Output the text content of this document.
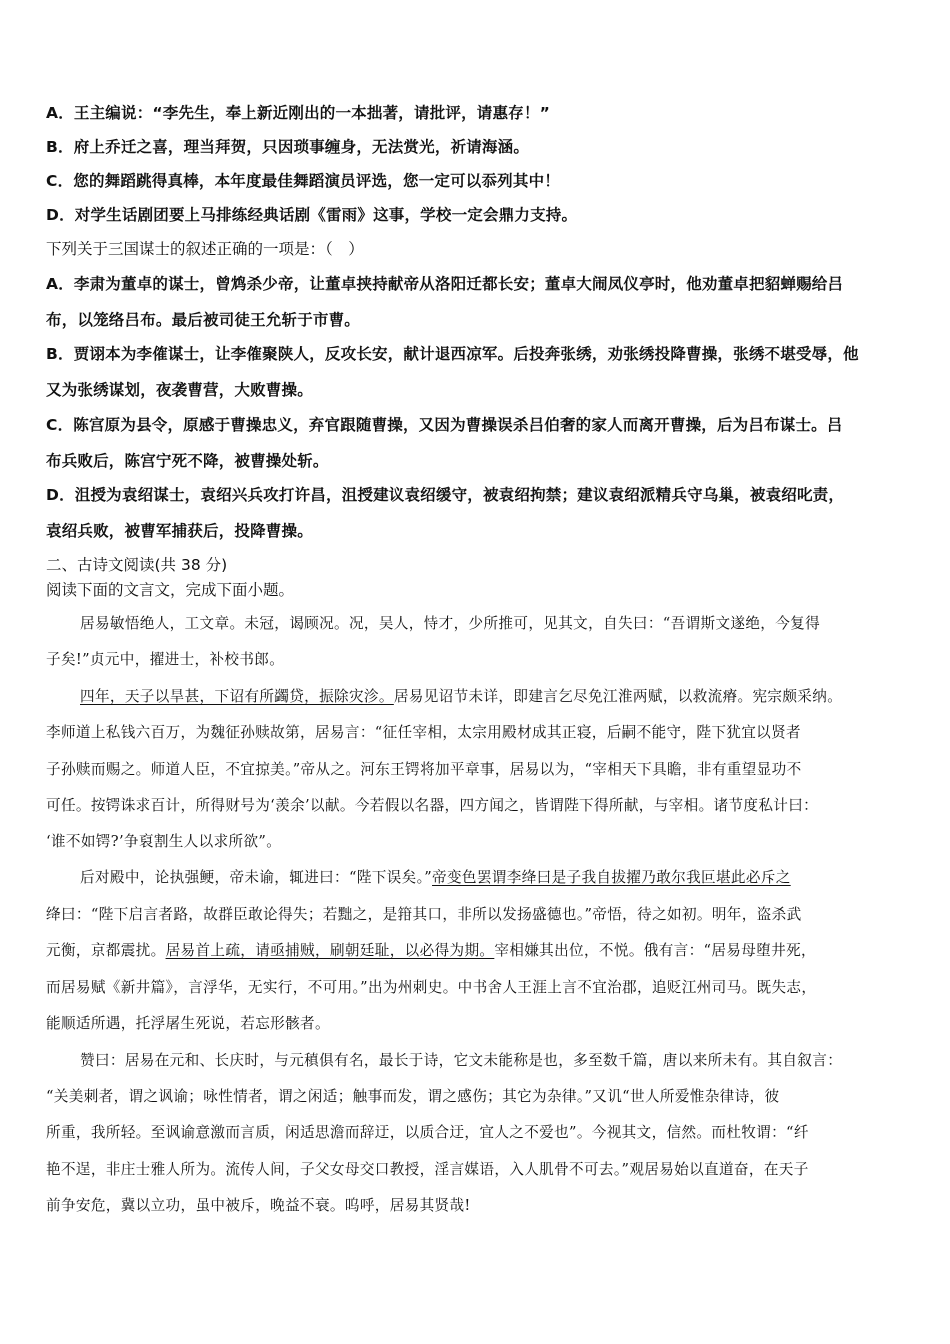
A．王主编说：“李先生，奉上新近刚出的一本拙著，请批评，请惠存！”
B．府上乔迁之喜，理当拜贺，只因琐事缠身，无法赏光，祈请海涵。
C．您的舞蹈跳得真棒，本年度最佳舞蹈演员评选，您一定可以忝列其中！
D．对学生话剧团要上马排练经典话剧《雷雨》这事，学校一定会鼎力支持。
下列关于三国谋士的叙述正确的一项是：（　）
A．李肃为董卓的谋士，曾鸩杀少帝，让董卓挟持献帝从洛阳迁都长安；董卓大闹凤仪亭时，他劝董卓把貂蝉赐给吕
布，以笼络吕布。最后被司徒王允斩于市曹。
B．贾诩本为李傕谋士，让李傕聚陕人，反攻长安，献计退西凉军。后投奔张绣，劝张绣投降曹操，张绣不堪受辱，他
又为张绣谋划，夜袭曹营，大败曹操。
C．陈宫原为县令，原感于曹操忠义，弃官跟随曹操，又因为曹操误杀吕伯奢的家人而离开曹操，后为吕布谋士。吕
布兵败后，陈宫宁死不降，被曹操处斩。
D．沮授为袁绍谋士，袁绍兴兵攻打许昌，沮授建议袁绍缓守，被袁绍拘禁；建议袁绍派精兵守乌巢，被袁绍叱责，
袁绍兵败，被曹军捕获后，投降曹操。
二、古诗文阅读(共 38 分)
阅读下面的文言文，完成下面小题。
居易敏悟绝人，工文章。未冠，谒顾况。况，吴人，恃才，少所推可，见其文，自失曰：“吾谓斯文遂绝，今复得
子矣!”贞元中，擢进士，补校书郎。
四年，天子以旱甚，下诏有所蠲贷，振除灾沴。居易见诏节未详，即建言乞尽免江淮两赋，以救流瘠。宪宗颇采纳。
李师道上私钱六百万，为魏征孙赎故第，居易言：“征任宰相，太宗用殿材成其正寝，后嗣不能守，陛下犹宜以贤者
子孙赎而赐之。师道人臣，不宜掠美。”帝从之。河东王锷将加平章事，居易以为，“宰相天下具瞻，非有重望显功不
可任。按锷诛求百计，所得财号为‘羡余’以献。今若假以名器，四方闻之，皆谓陛下得所献，与宰相。诸节度私计曰：
‘谁不如锷?’争裒割生人以求所欲”。
后对殿中，论执强鲠，帝未谕，辄进曰：“陛下误矣。”帝变色罢谓李绛曰是子我自拔擢乃敢尔我叵堪此必斥之
绛曰：“陛下启言者路，故群臣敢论得失；若黜之，是箝其口，非所以发扬盛德也。”帝悟，待之如初。明年，盗杀武
元衡，京都震扰。居易首上疏，请亟捕贼，刷朝廷耻，以必得为期。宰相嫌其出位，不悦。俄有言：“居易母堕井死，
而居易赋《新井篇》，言浮华，无实行，不可用。”出为州刺史。中书舍人王涯上言不宜治郡，追贬江州司马。既失志，
能顺适所遇，托浮屠生死说，若忘形骸者。
赞曰：居易在元和、长庆时，与元稹俱有名，最长于诗，它文未能称是也，多至数千篇，唐以来所未有。其自叙言：
“关美刺者，谓之讽谕；咏性情者，谓之闲适；触事而发，谓之感伤；其它为杂律。”又讥“世人所爱惟杂律诗，彼
所重，我所轻。至讽谕意激而言质，闲适思澹而辞迂，以质合迂，宜人之不爱也”。今视其文，信然。而杜牧谓：“纤
艳不逞，非庄士雅人所为。流传人间，子父女母交口教授，淫言媒语，入人肌骨不可去。”观居易始以直道奋，在天子
前争安危，冀以立功，虽中被斥，晚益不衰。呜呼，居易其贤哉!
